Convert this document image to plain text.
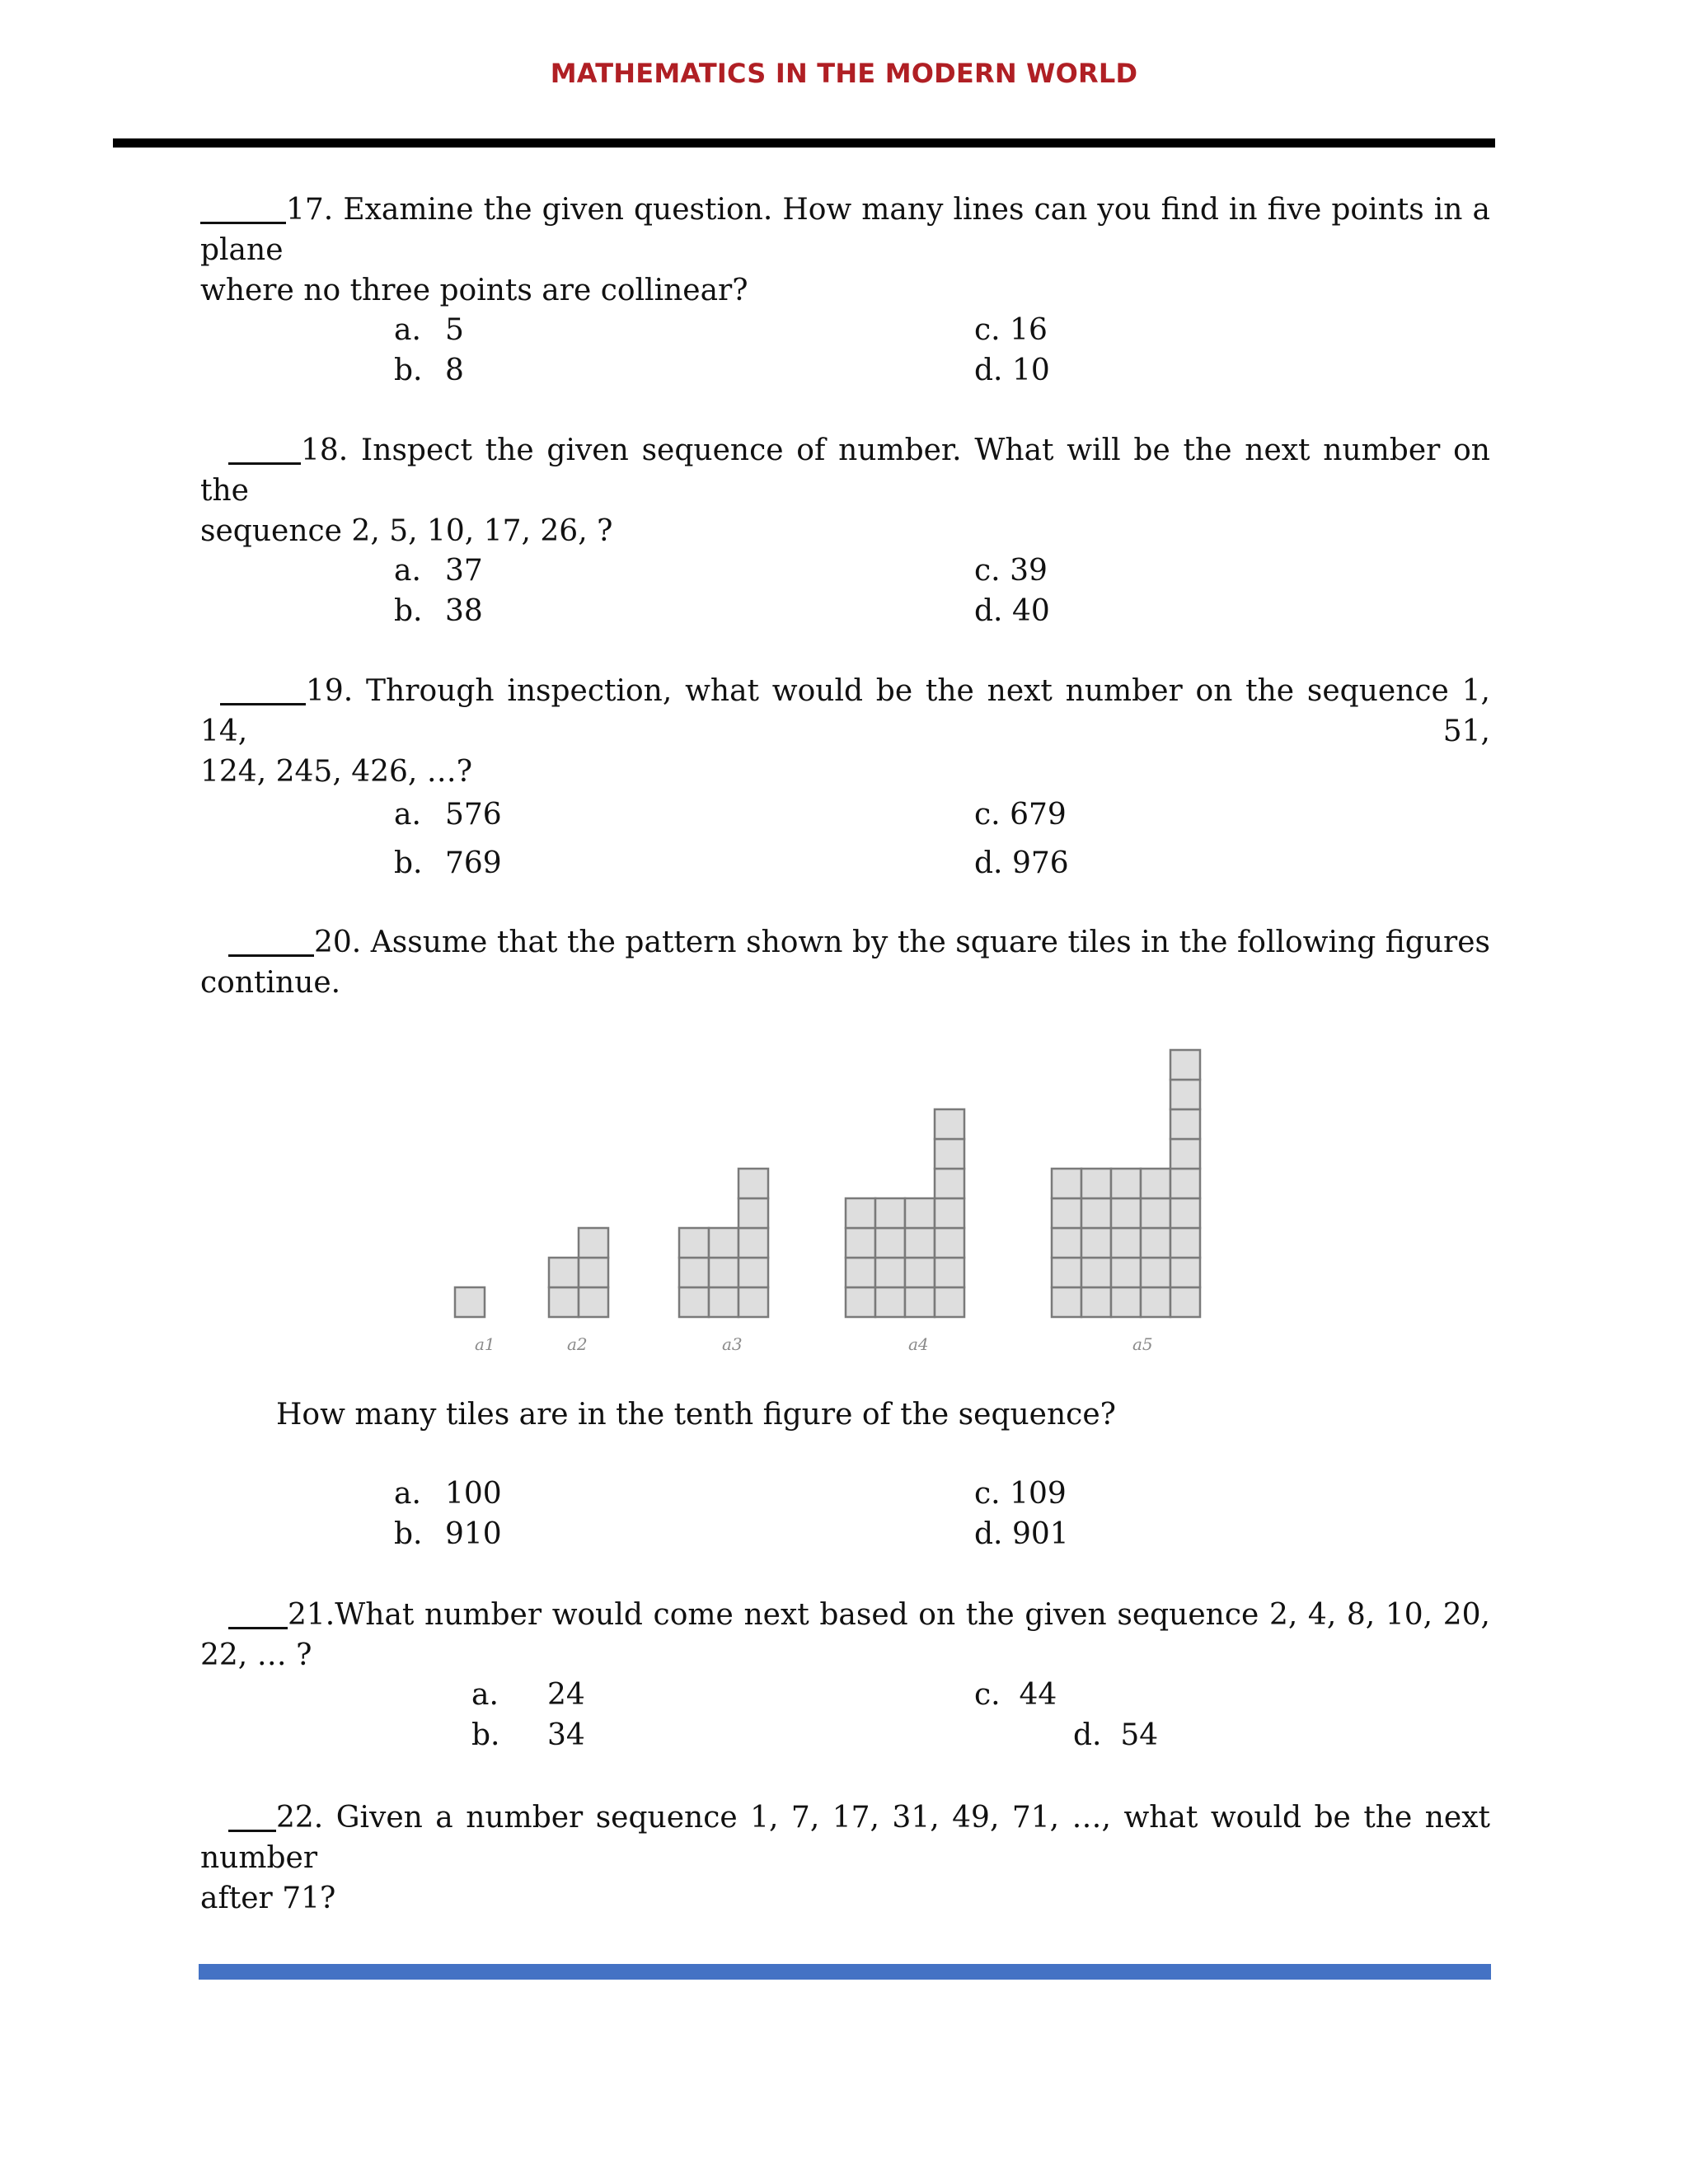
MATHEMATICS IN THE MODERN WORLD
17. Examine the given question. How many lines can you find in five points in a plane
where no three points are collinear?
a. 5
b. 8
c. 16
d. 10
18. Inspect the given sequence of number. What will be the next number on the
sequence 2, 5, 10, 17, 26, ?
a. 37
b. 38
c. 39
d. 40
19. Through inspection, what would be the next number on the sequence 1, 14, 51,
124, 245, 426, …?
a. 576
b. 769
c. 679
d. 976
20. Assume that the pattern shown by the square tiles in the following figures
continue.
a1	a2	a3	a4	a5
How many tiles are in the tenth figure of the sequence?
a. 100
b. 910
c. 109
d. 901
21.What number would come next based on the given sequence 2, 4, 8, 10, 20, 22, … ?
a. 24
b. 34
c. 44
d. 54
22. Given a number sequence 1, 7, 17, 31, 49, 71, …, what would be the next number
after 71?
